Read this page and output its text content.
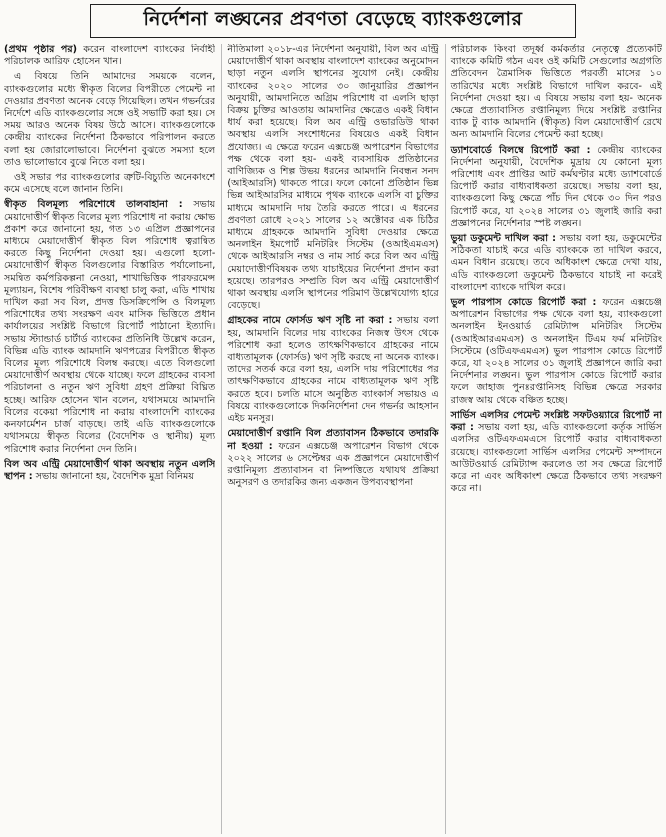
নির্দেশনা লঙ্ঘনের প্রবণতা বেড়েছে ব্যাংকগুলোর

(প্রথম পৃষ্ঠার পর) করেন বাংলাদেশ ব্যাংকের নির্বাহী পরিচালক আরিফ হোসেন খান।

এ বিষয়ে তিনি আমাদের সময়কে বলেন, ব্যাংকগুলোর মধ্যে স্বীকৃত বিলের বিপরীতে পেমেন্ট না দেওয়ার প্রবণতা অনেক বেড়ে গিয়েছিল। তখন গভর্নরের নির্দেশে এডি ব্যাংকগুলোর সঙ্গে ওই সভাটি করা হয়। সে সময় আরও অনেক বিষয় উঠে আসে। ব্যাংকগুলোকে কেন্দ্রীয় ব্যাংকের নির্দেশনা ঠিকভাবে পরিপালন করতে বলা হয় জোরালোভাবে। নির্দেশনা বুঝতে সমস্যা হলে তাও ভালোভাবে বুঝে নিতে বলা হয়।

ওই সভার পর ব্যাংকগুলোর ত্রুটি-বিচ্যুতি অনেকাংশে কমে এসেছে বলে জানান তিনি।

স্বীকৃত বিলমূল্য পরিশোধে তালবাহানা : সভায় মেয়াদোত্তীর্ণ স্বীকৃত বিলের মূল্য পরিশোধ না করায় ক্ষোভ প্রকাশ করে জানানো হয়, গত ১৩ এপ্রিল প্রজ্ঞাপনের মাধ্যমে মেয়াদোত্তীর্ণ স্বীকৃত বিল পরিশোধ ত্বরান্বিত করতে কিছু নির্দেশনা দেওয়া হয়। এগুলো হলো- মেয়াদোত্তীর্ণ স্বীকৃত বিলগুলোর বিস্তারিত পর্যালোচনা, সমন্বিত কর্মপরিকল্পনা নেওয়া, শাখাভিত্তিক পারফরমেন্স মূল্যায়ন, বিশেষ পরিবীক্ষণ ব্যবস্থা চালু করা, এডি শাখায় দাখিল করা সব বিল, প্রদত্ত ডিসক্রিপেন্সি ও বিলমূল্য পরিশোধের তথ্য সংরক্ষণ এবং মাসিক ভিত্তিতে প্রধান কার্যালয়ের সংশ্লিষ্ট বিভাগে রিপোর্ট পাঠানো ইত্যাদি। সভায় স্ট্যান্ডার্ড চার্টার্ড ব্যাংকের প্রতিনিধি উল্লেখ করেন, বিভিন্ন এডি ব্যাংক আমদানি ঋণপত্রের বিপরীতে স্বীকৃত বিলের মূল্য পরিশোধে বিলম্ব করছে। এতে বিলগুলো মেয়াদোত্তীর্ণ অবস্থায় থেকে যাচ্ছে। ফলে গ্রাহকের ব্যবসা পরিচালনা ও নতুন ঋণ সুবিধা গ্রহণ প্রক্রিয়া বিঘ্নিত হচ্ছে। আরিফ হোসেন খান বলেন, যথাসময়ে আমদানি বিলের বকেয়া পরিশোধ না করায় বাংলাদেশি ব্যাংকের কনফার্মেশন চার্জ বাড়ছে। তাই এডি ব্যাংকগুলোকে যথাসময়ে স্বীকৃত বিলের (বৈদেশিক ও স্থানীয়) মূল্য পরিশোধ করার নির্দেশনা দেন তিনি।

বিল অব এন্ট্রি মেয়াদোত্তীর্ণ থাকা অবস্থায় নতুন এলসি স্থাপন : সভায় জানানো হয়, বৈদেশিক মুদ্রা বিনিময়

নীতিমালা ২০১৮-এর নির্দেশনা অনুযায়ী, বিল অব এন্ট্রি মেয়াদোত্তীর্ণ থাকা অবস্থায় বাংলাদেশ ব্যাংকের অনুমোদন ছাড়া নতুন এলসি স্থাপনের সুযোগ নেই। কেন্দ্রীয় ব্যাংকের ২০২০ সালের ৩০ জানুয়ারির প্রজ্ঞাপন অনুযায়ী, আমদানিতে অগ্রিম পরিশোধ বা এলসি ছাড়া বিক্রয় চুক্তির আওতায় আমদানির ক্ষেত্রেও একই বিধান ধার্য করা হয়েছে। বিল অব এন্ট্রি ওভারডিউ থাকা অবস্থায় এলসি সংশোধনের বিষয়েও একই বিধান প্রযোজ্য। এ ক্ষেত্রে ফরেন এক্সচেঞ্জ অপারেশন বিভাগের পক্ষ থেকে বলা হয়- একই ব্যবসায়িক প্রতিষ্ঠানের বাণিজ্যিক ও শিল্প উভয় ধরনের আমদানি নিবন্ধন সনদ (আইআরসি) থাকতে পারে। ফলে কোনো প্রতিষ্ঠান ভিন্ন ভিন্ন আইআরসির মাধ্যমে পৃথক ব্যাংকে এলসি বা চুক্তির মাধ্যমে আমদানি দায় তৈরি করতে পারে। এ ধরনের প্রবণতা রোধে ২০২১ সালের ১২ অক্টোবর এক চিঠির মাধ্যমে গ্রাহককে আমদানি সুবিধা দেওয়ার ক্ষেত্রে অনলাইন ইমপোর্ট মনিটরিং সিস্টেম (ওআইএমএস) থেকে আইআরসি নম্বর ও নাম সার্চ করে বিল অব এন্ট্রি মেয়াদোত্তীর্ণবিষয়ক তথ্য যাচাইয়ের নির্দেশনা প্রদান করা হয়েছে। তারপরও সম্প্রতি বিল অব এন্ট্রি মেয়াদোত্তীর্ণ থাকা অবস্থায় এলসি স্থাপনের পরিমাণ উল্লেখযোগ্য হারে বেড়েছে।

গ্রাহকের নামে ফোর্সড ঋণ সৃষ্টি না করা : সভায় বলা হয়, আমদানি বিলের দায় ব্যাংকের নিজস্ব উৎস থেকে পরিশোধ করা হলেও তাৎক্ষণিকভাবে গ্রাহকের নামে বাধ্যতামূলক (ফোর্সড) ঋণ সৃষ্টি করছে না অনেক ব্যাংক। তাদের সতর্ক করে বলা হয়, এলসি দায় পরিশোধের পর তাৎক্ষণিকভাবে গ্রাহকের নামে বাধ্যতামূলক ঋণ সৃষ্টি করতে হবে। চলতি মাসে অনুষ্ঠিত ব্যাংকার্স সভায়ও এ বিষয়ে ব্যাংকগুলোকে দিকনির্দেশনা দেন গভর্নর আহসান এইচ মনসুর।

মেয়াদোত্তীর্ণ রপ্তানি বিল প্রত্যাবাসন ঠিকভাবে তদারকি না হওয়া : ফরেন এক্সচেঞ্জ অপারেশন বিভাগ থেকে ২০২২ সালের ৬ সেপ্টেম্বর এক প্রজ্ঞাপনে মেয়াদোত্তীর্ণ রপ্তানিমূল্য প্রত্যাবাসন বা নিষ্পত্তিতে যথাযথ প্রক্রিয়া অনুসরণ ও তদারকির জন্য একজন উপব্যবস্থাপনা

পরিচালক কিংবা তদূর্ধ্ব কর্মকর্তার নেতৃত্বে প্রত্যেকটি ব্যাংকে কমিটি গঠন এবং ওই কমিটি সেগুলোর অগ্রগতি প্রতিবেদন ত্রৈমাসিক ভিত্তিতে পরবর্তী মাসের ১০ তারিখের মধ্যে সংশ্লিষ্ট বিভাগে দাখিল করবে- এই নির্দেশনা দেওয়া হয়। এ বিষয়ে সভায় বলা হয়- অনেক ক্ষেত্রে প্রত্যাবাসিত রপ্তানিমূল্য দিয়ে সংশ্লিষ্ট রপ্তানির ব্যাক টু ব্যাক আমদানি (স্বীকৃত) বিল মেয়াদোত্তীর্ণ রেখে অন্য আমদানি বিলের পেমেন্ট করা হচ্ছে।

ড্যাশবোর্ডে বিলম্বে রিপোর্ট করা : কেন্দ্রীয় ব্যাংকের নির্দেশনা অনুযায়ী, বৈদেশিক মুদ্রায় যে কোনো মূল্য পরিশোধ এবং প্রাপ্তির আট কর্মঘণ্টার মধ্যে ড্যাশবোর্ডে রিপোর্ট করার বাধ্যবাধকতা রয়েছে। সভায় বলা হয়, ব্যাংকগুলো কিছু ক্ষেত্রে পাঁচ দিন থেকে ৩০ দিন পরও রিপোর্ট করে, যা ২০২৪ সালের ৩১ জুলাই জারি করা প্রজ্ঞাপনের নির্দেশনার স্পষ্ট লঙ্ঘন।

ভুয়া ডকুমেন্ট দাখিল করা : সভায় বলা হয়, ডকুমেন্টের সঠিকতা যাচাই করে এডি ব্যাংককে তা দাখিল করবে, এমন বিধান রয়েছে। তবে অধিকাংশ ক্ষেত্রে দেখা যায়, এডি ব্যাংকগুলো ডকুমেন্ট ঠিকভাবে যাচাই না করেই বাংলাদেশ ব্যাংকে দাখিল করে।

ভুল পারপাস কোডে রিপোর্ট করা : ফরেন এক্সচেঞ্জ অপারেশন বিভাগের পক্ষ থেকে বলা হয়, ব্যাংকগুলো অনলাইন ইনওয়ার্ড রেমিট্যান্স মনিটরিং সিস্টেম (ওআইআরএমএস) ও অনলাইন টিএম ফর্ম মনিটরিং সিস্টেমে (ওটিএফএমএস) ভুল পারপাস কোডে রিপোর্ট করে, যা ২০২৪ সালের ৩১ জুলাই প্রজ্ঞাপনে জারি করা নির্দেশনার লঙ্ঘন। ভুল পারপাস কোডে রিপোর্ট করার ফলে জাহাজ পুনঃরপ্তানিসহ বিভিন্ন ক্ষেত্রে সরকার রাজস্ব আয় থেকে বঞ্চিত হচ্ছে।

সার্ভিস এলসির পেমেন্ট সংশ্লিষ্ট সফটওয়্যারে রিপোর্ট না করা : সভায় বলা হয়, এডি ব্যাংকগুলো কর্তৃক সার্ভিস এলসির ওটিএফএমএসে রিপোর্ট করার বাধ্যবাধকতা রয়েছে। ব্যাংকগুলো সার্ভিস এলসির পেমেন্ট সম্পাদনে আউটওয়ার্ড রেমিট্যান্স করলেও তা সব ক্ষেত্রে রিপোর্ট করে না এবং অধিকাংশ ক্ষেত্রে ঠিকভাবে তথ্য সংরক্ষণ করে না।
